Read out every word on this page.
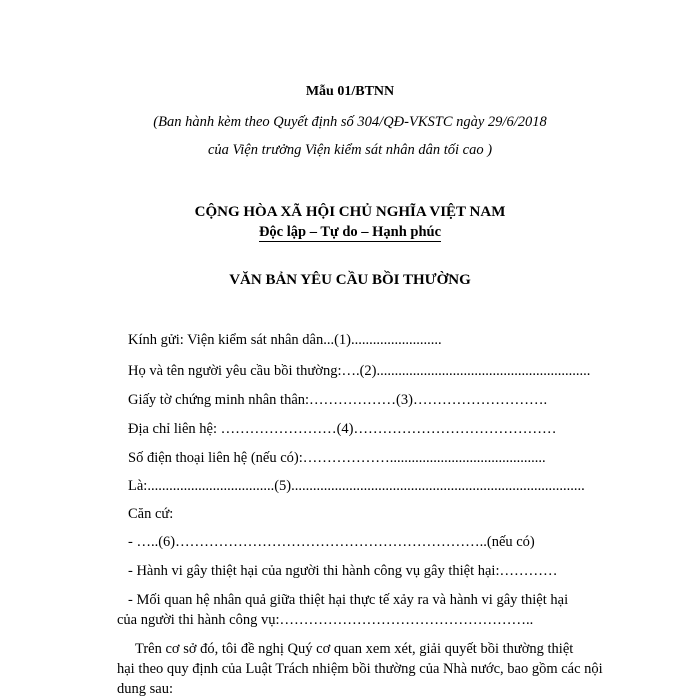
Mẫu 01/BTNN
(Ban hành kèm theo Quyết định số 304/QĐ-VKSTC ngày 29/6/2018
của Viện trưởng Viện kiểm sát nhân dân tối cao )
CỘNG HÒA XÃ HỘI CHỦ NGHĨA VIỆT NAM
Độc lập – Tự do – Hạnh phúc
VĂN BẢN YÊU CẦU BỒI THƯỜNG
Kính gửi: Viện kiểm sát nhân dân...(1).........................
Họ và tên người yêu cầu bồi thường:….(2)...........................................................
Giấy tờ chứng minh nhân thân:………………(3)……………………….
Địa chỉ liên hệ: ……………………(4)……………………………………
Số điện thoại liên hệ (nếu có):………………...........................................
Là:...................................(5).................................................................................
Căn cứ:
- …..(6)………………………………………………………..(nếu có)
- Hành vi gây thiệt hại của người thi hành công vụ gây thiệt hại:…………
- Mối quan hệ nhân quả giữa thiệt hại thực tế xảy ra và hành vi gây thiệt hại
của người thi hành công vụ:……………………………………………..
Trên cơ sở đó, tôi đề nghị Quý cơ quan xem xét, giải quyết bồi thường thiệt
hại theo quy định của Luật Trách nhiệm bồi thường của Nhà nước, bao gồm các nội
dung sau:
